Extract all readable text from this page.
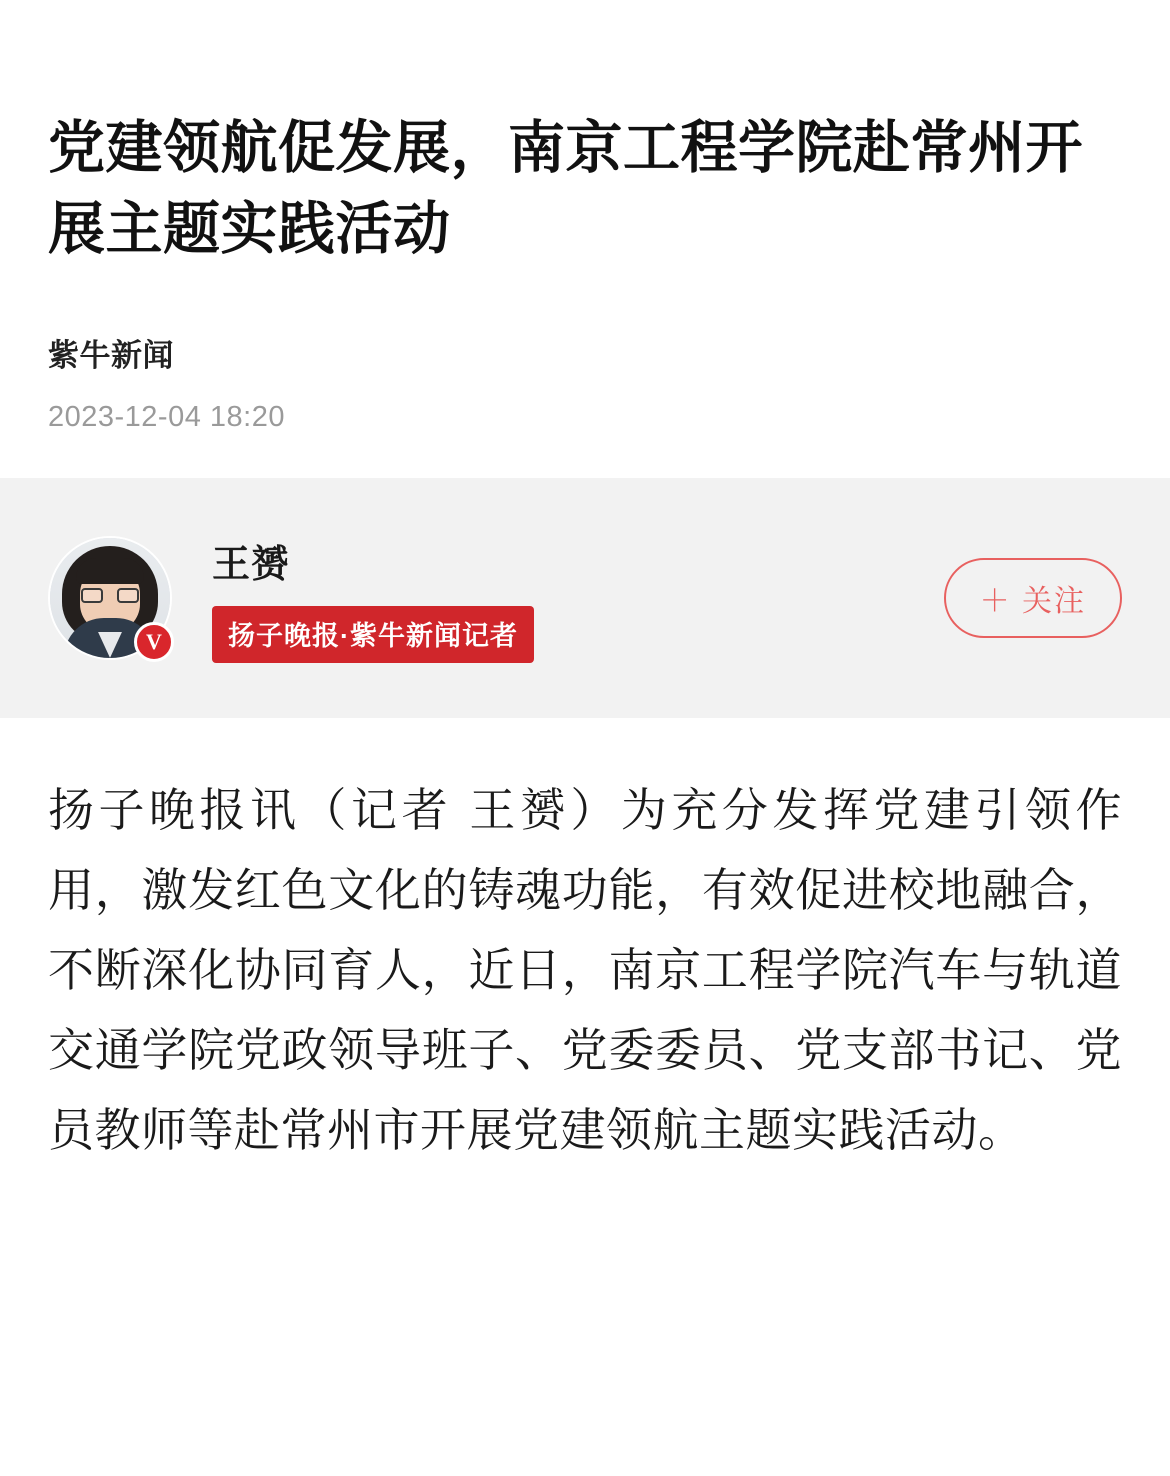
党建领航促发展，南京工程学院赴常州开展主题实践活动
紫牛新闻
2023-12-04 18:20
V
王赟
扬子晚报·紫牛新闻记者
＋ 关注

扬子晚报讯（记者 王赟）为充分发挥党建引领作用，激发红色文化的铸魂功能，有效促进校地融合，不断深化协同育人，近日，南京工程学院汽车与轨道交通学院党政领导班子、党委委员、党支部书记、党员教师等赴常州市开展党建领航主题实践活动。
